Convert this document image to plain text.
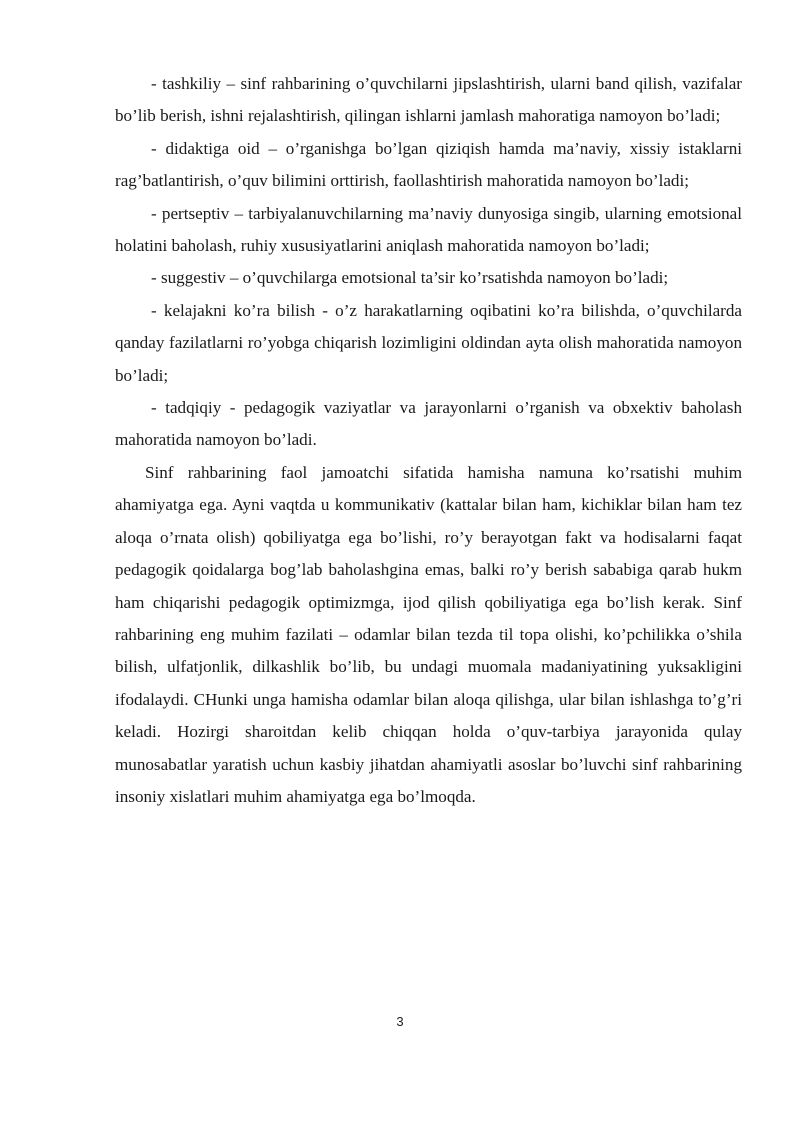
- tashkiliy – sinf rahbarining o’quvchilarni jipslashtirish, ularni band qilish, vazifalar bo’lib berish, ishni rejalashtirish, qilingan ishlarni jamlash mahoratiga namoyon bo’ladi;

- didaktiga oid – o’rganishga bo’lgan qiziqish hamda ma’naviy, xissiy istaklarni rag’batlantirish, o’quv bilimini orttirish, faollashtirish mahoratida namoyon bo’ladi;

- pertseptiv – tarbiyalanuvchilarning ma’naviy dunyosiga singib, ularning emotsional holatini baholash, ruhiy xususiyatlarini aniqlash mahoratida namoyon bo’ladi;

- suggestiv – o’quvchilarga emotsional ta’sir ko’rsatishda namoyon bo’ladi;

- kelajakni ko’ra bilish - o’z harakatlarning oqibatini ko’ra bilishda, o’quvchilarda qanday fazilatlarni ro’yobga chiqarish lozimligini oldindan ayta olish mahoratida namoyon bo’ladi;

- tadqiqiy - pedagogik vaziyatlar va jarayonlarni o’rganish va obxektiv baholash mahoratida namoyon bo’ladi.

Sinf rahbarining faol jamoatchi sifatida hamisha namuna ko’rsatishi muhim ahamiyatga ega. Ayni vaqtda u kommunikativ (kattalar bilan ham, kichiklar bilan ham tez aloqa o’rnata olish) qobiliyatga ega bo’lishi, ro’y berayotgan fakt va hodisalarni faqat pedagogik qoidalarga bog’lab baholashgina emas, balki ro’y berish sababiga qarab hukm ham chiqarishi pedagogik optimizmga, ijod qilish qobiliyatiga ega bo’lish kerak. Sinf rahbarining eng muhim fazilati – odamlar bilan tezda til topa olishi, ko’pchilikka o’shila bilish, ulfatjonlik, dilkashlik bo’lib, bu undagi muomala madaniyatining yuksakligini ifodalaydi. CHunki unga hamisha odamlar bilan aloqa qilishga, ular bilan ishlashga to’g’ri keladi. Hozirgi sharoitdan kelib chiqqan holda o’quv-tarbiya jarayonida qulay munosabatlar yaratish uchun kasbiy jihatdan ahamiyatli asoslar bo’luvchi sinf rahbarining insoniy xislatlari muhim ahamiyatga ega bo’lmoqda.

3
